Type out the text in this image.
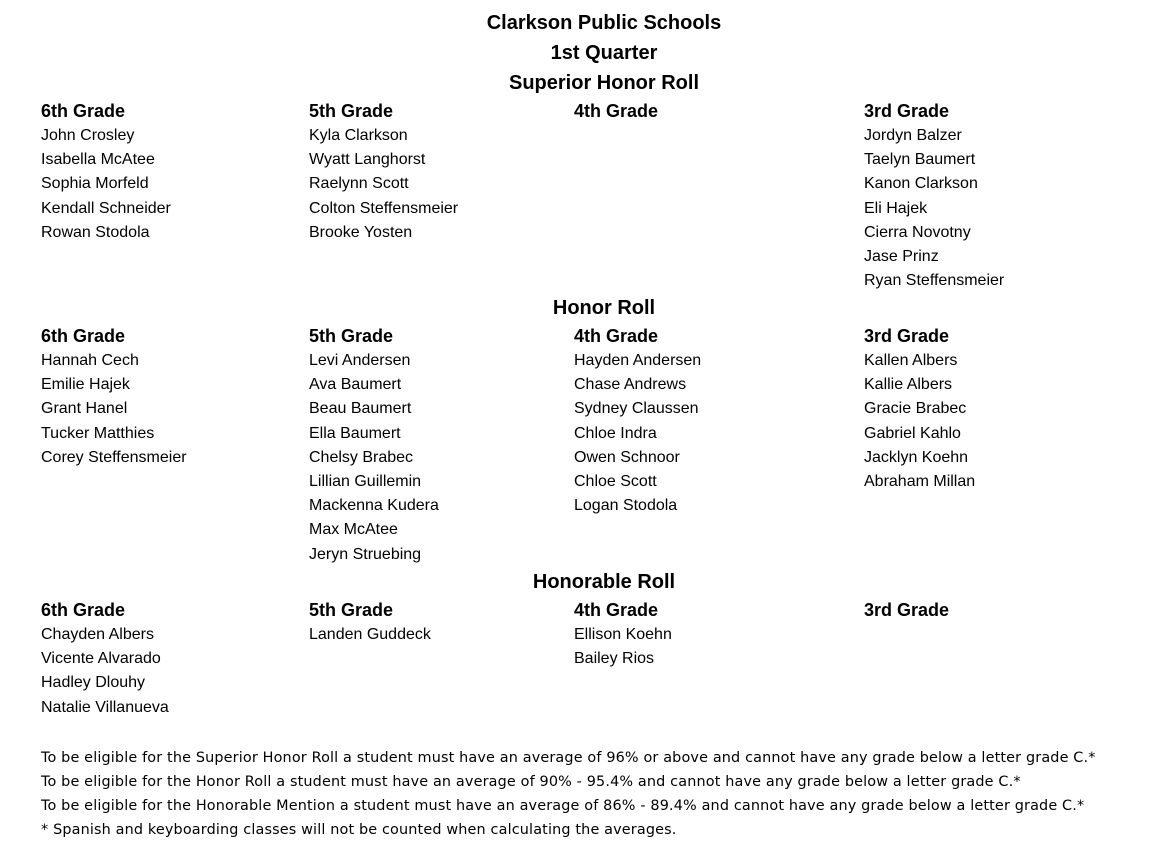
Clarkson Public Schools
1st Quarter
Superior Honor Roll
6th Grade
John Crosley
Isabella McAtee
Sophia Morfeld
Kendall Schneider
Rowan Stodola
5th Grade
Kyla Clarkson
Wyatt Langhorst
Raelynn Scott
Colton Steffensmeier
Brooke Yosten
4th Grade	3rd Grade
Jordyn Balzer
Taelyn Baumert
Kanon Clarkson
Eli Hajek
Cierra Novotny
Jase Prinz
Ryan Steffensmeier
Honor Roll
6th Grade
Hannah Cech
Emilie Hajek
Grant Hanel
Tucker Matthies
Corey Steffensmeier
5th Grade
Levi Andersen
Ava Baumert
Beau Baumert
Ella Baumert
Chelsy Brabec
Lillian Guillemin
Mackenna Kudera
Max McAtee
Jeryn Struebing
4th Grade
Hayden Andersen
Chase Andrews
Sydney Claussen
Chloe Indra
Owen Schnoor
Chloe Scott
Logan Stodola
3rd Grade
Kallen Albers
Kallie Albers
Gracie Brabec
Gabriel Kahlo
Jacklyn Koehn
Abraham Millan
Honorable Roll
6th Grade
Chayden Albers
Vicente Alvarado
Hadley Dlouhy
Natalie Villanueva
5th Grade
Landen Guddeck
4th Grade
Ellison Koehn
Bailey Rios
3rd Grade
To be eligible for the Superior Honor Roll a student must have an average of 96% or above and cannot have any grade below a letter grade C.*
To be eligible for the Honor Roll a student must have an average of 90% - 95.4% and cannot have any grade below a letter grade C.*
To be eligible for the Honorable Mention a student must have an average of 86% - 89.4% and cannot have any grade below a letter grade C.*
* Spanish and keyboarding classes will not be counted when calculating the averages.
